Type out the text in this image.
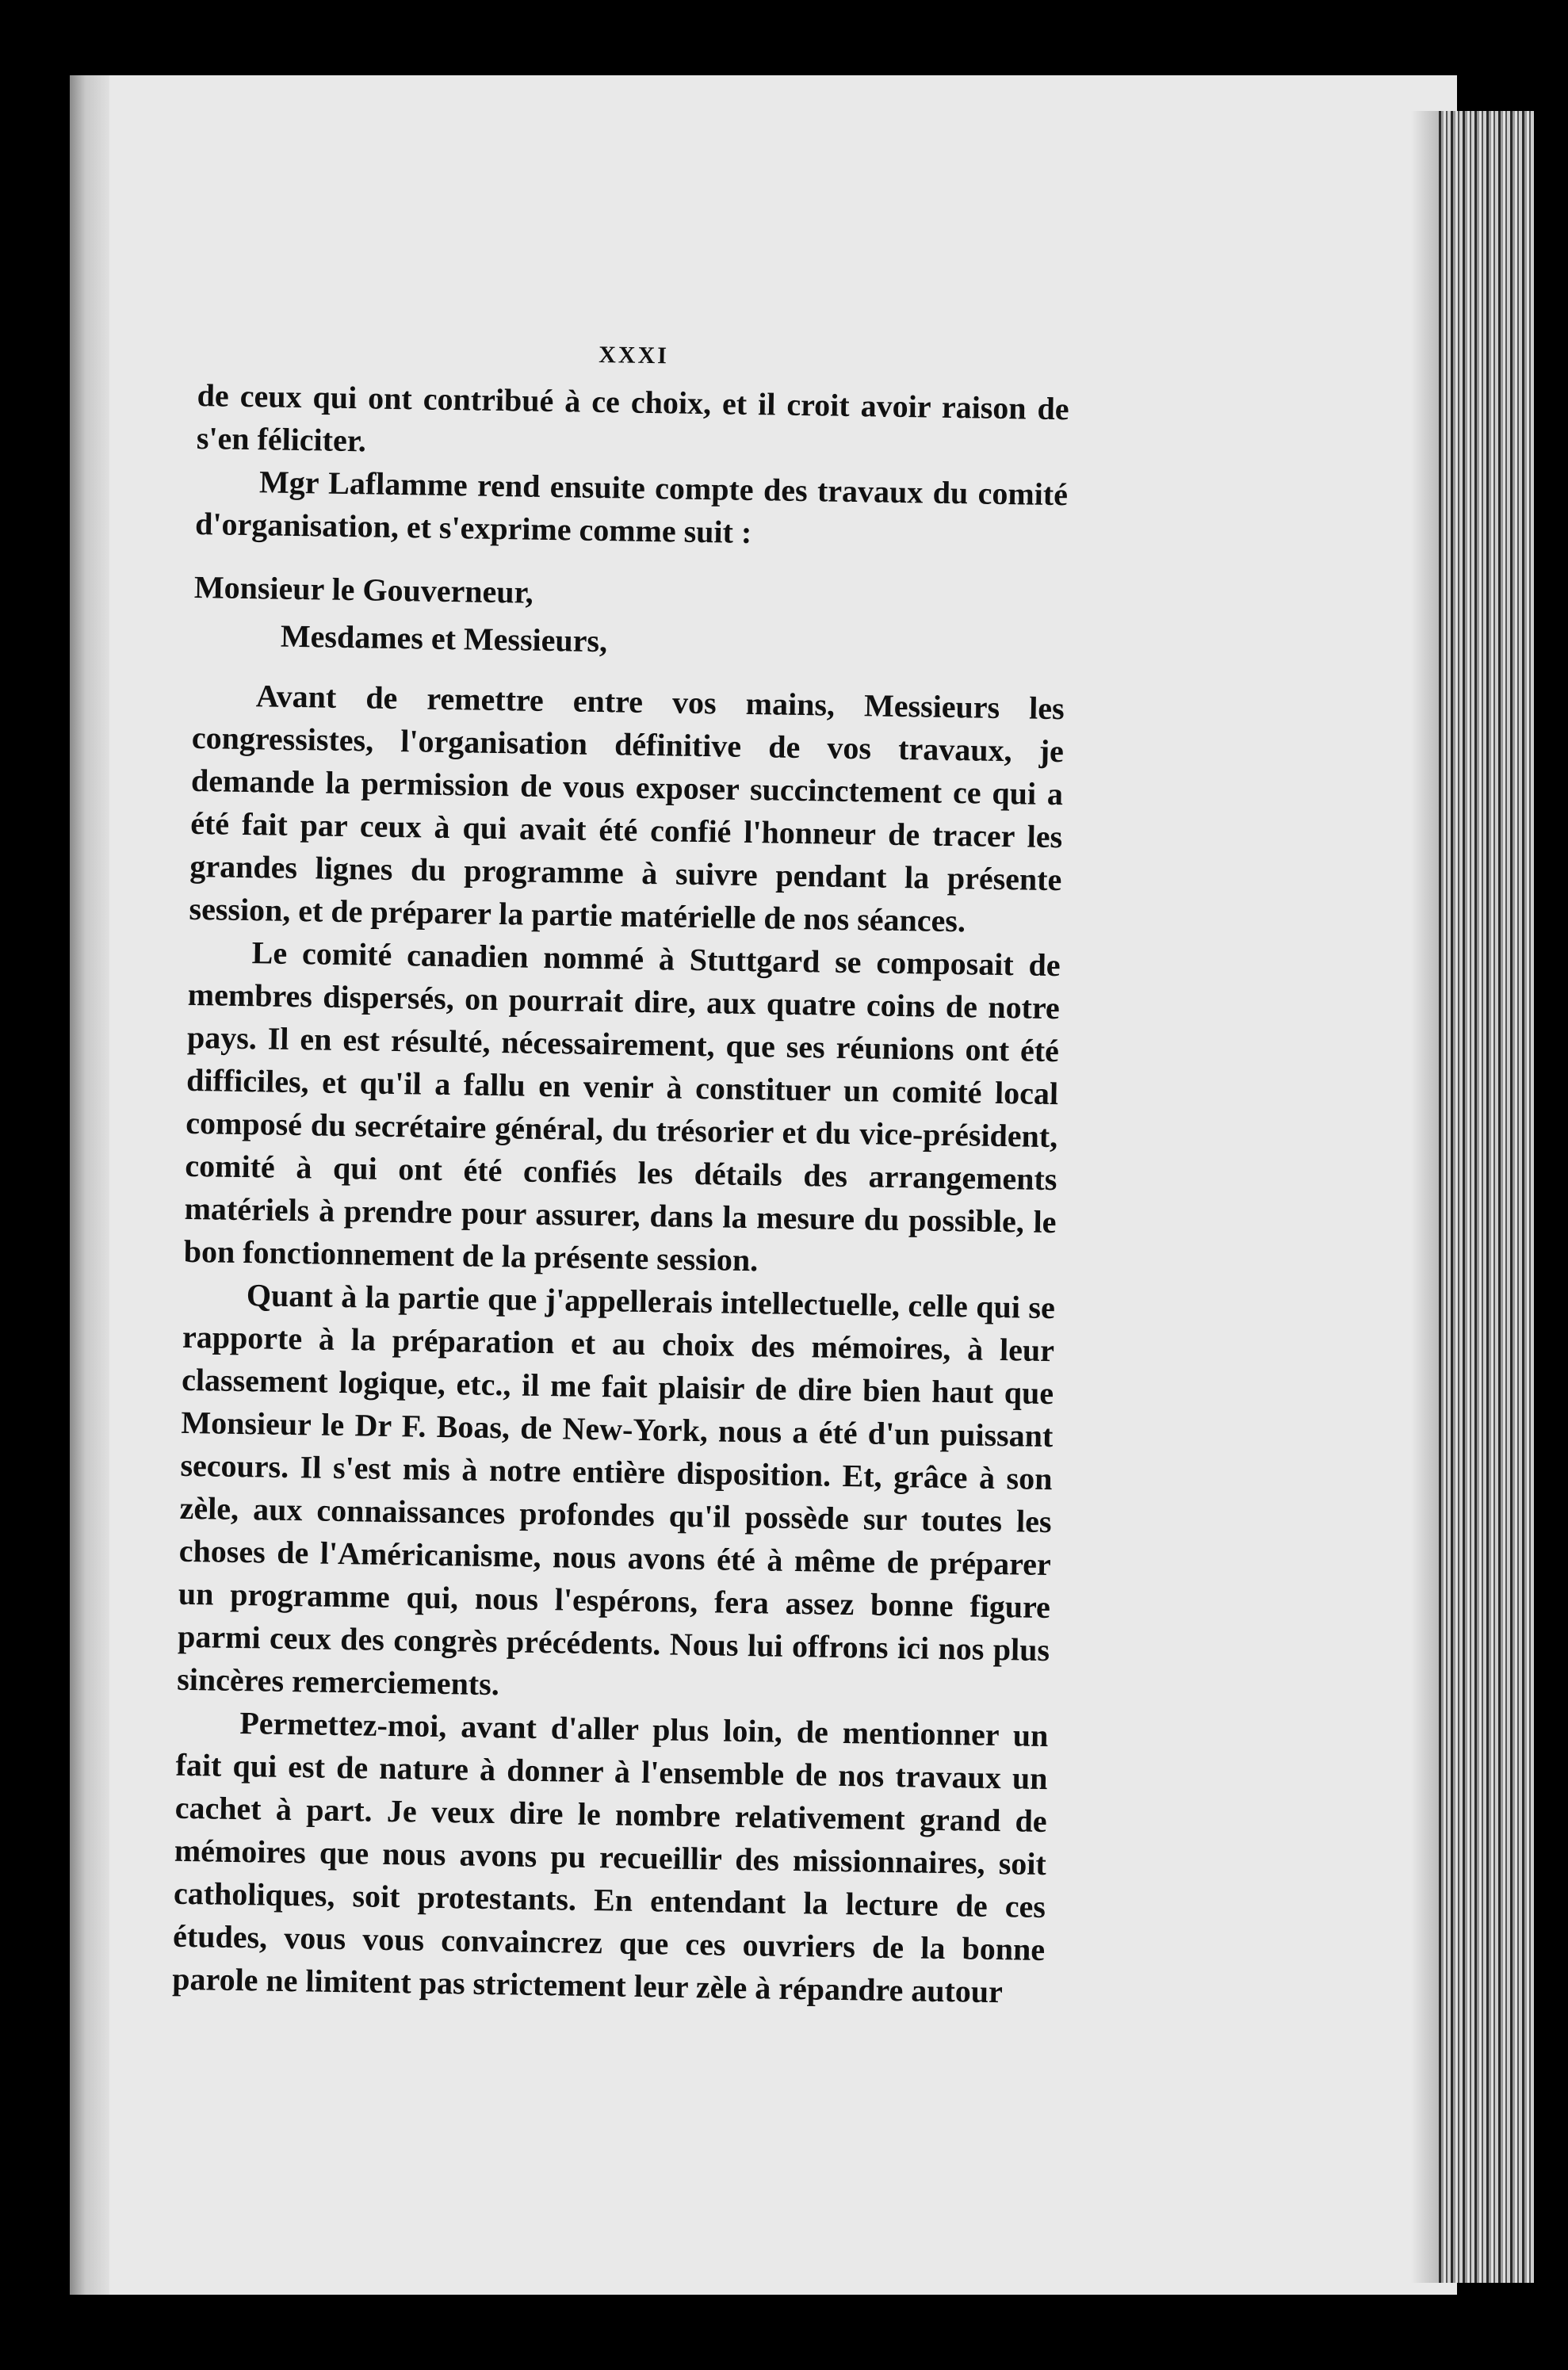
XXXI

de ceux qui ont contribué à ce choix, et il croit avoir raison de s'en féliciter.

Mgr Laflamme rend ensuite compte des travaux du comité d'organisation, et s'exprime comme suit :

Monsieur le Gouverneur,

Mesdames et Messieurs,

Avant de remettre entre vos mains, Messieurs les congressistes, l'organisation définitive de vos travaux, je demande la permission de vous exposer succinctement ce qui a été fait par ceux à qui avait été confié l'honneur de tracer les grandes lignes du programme à suivre pendant la présente session, et de préparer la partie matérielle de nos séances.

Le comité canadien nommé à Stuttgard se composait de membres dispersés, on pourrait dire, aux quatre coins de notre pays. Il en est résulté, nécessairement, que ses réunions ont été difficiles, et qu'il a fallu en venir à constituer un comité local composé du secrétaire général, du trésorier et du vice-président, comité à qui ont été confiés les détails des arrangements matériels à prendre pour assurer, dans la mesure du possible, le bon fonctionnement de la présente session.

Quant à la partie que j'appellerais intellectuelle, celle qui se rapporte à la préparation et au choix des mémoires, à leur classement logique, etc., il me fait plaisir de dire bien haut que Monsieur le Dr F. Boas, de New-York, nous a été d'un puissant secours. Il s'est mis à notre entière disposition. Et, grâce à son zèle, aux connaissances profondes qu'il possède sur toutes les choses de l'Américanisme, nous avons été à même de préparer un programme qui, nous l'espérons, fera assez bonne figure parmi ceux des congrès précédents. Nous lui offrons ici nos plus sincères remerciements.

Permettez-moi, avant d'aller plus loin, de mentionner un fait qui est de nature à donner à l'ensemble de nos travaux un cachet à part. Je veux dire le nombre relativement grand de mémoires que nous avons pu recueillir des missionnaires, soit catholiques, soit protestants. En entendant la lecture de ces études, vous vous convaincrez que ces ouvriers de la bonne parole ne limitent pas strictement leur zèle à répandre autour
